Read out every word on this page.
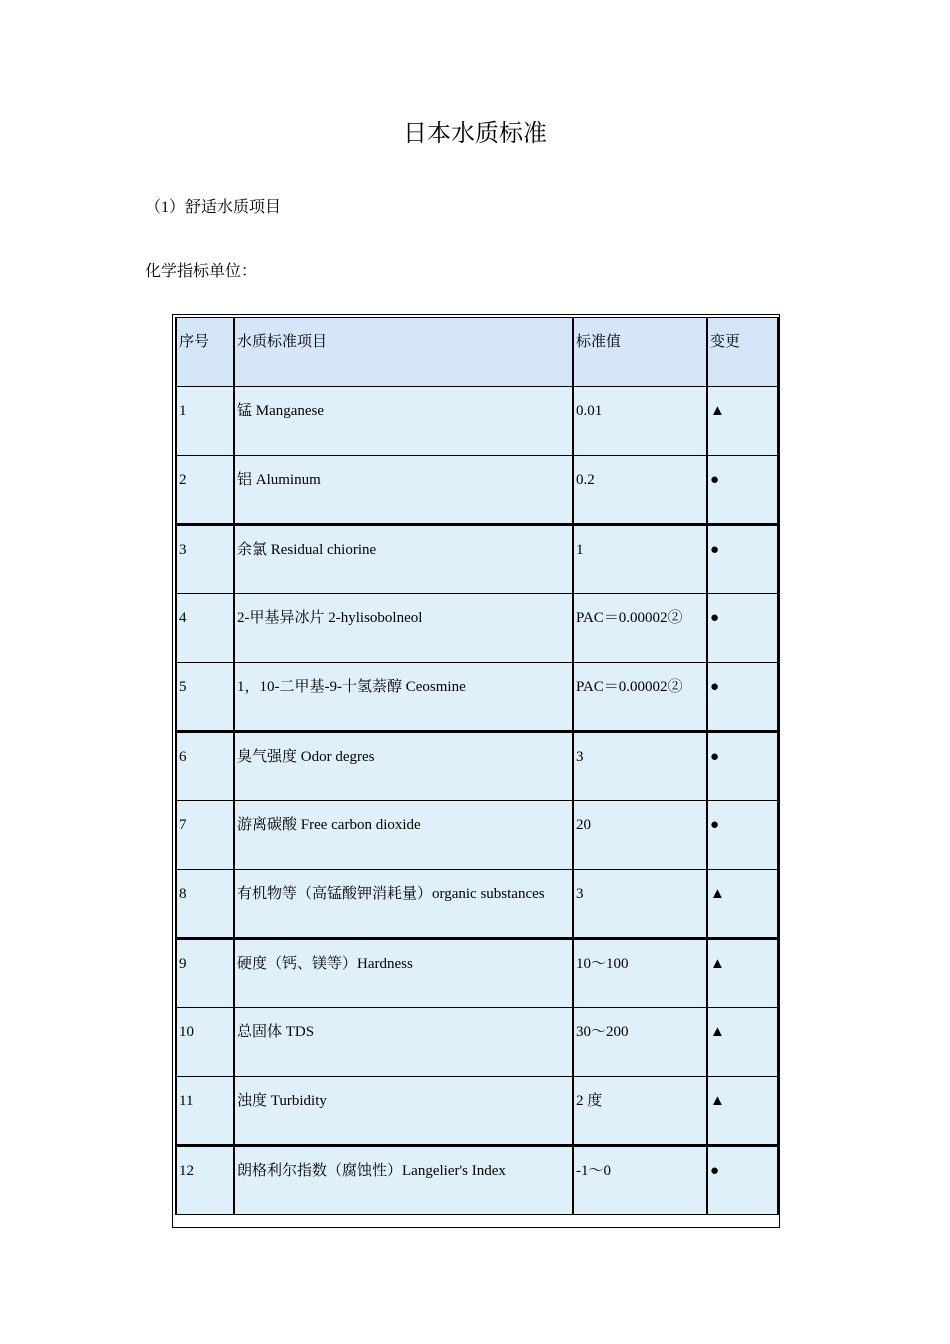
日本水质标准
（1）舒适水质项目
化学指标单位：
序号	水质标准项目	标准值	变更
1	锰 Manganese	0.01	▲
2	铝 Aluminum	0.2	●
3	余氯 Residual chiorine	1	●
4	2-甲基异冰片 2-hylisobolneol	PAC＝0.00002②	●
5	1，10-二甲基-9-十氢萘醇 Ceosmine	PAC＝0.00002②	●
6	臭气强度 Odor degres	3	●
7	游离碳酸 Free carbon dioxide	20	●
8	有机物等（高锰酸钾消耗量）organic substances	3	▲
9	硬度（钙、镁等）Hardness	10～100	▲
10	总固体 TDS	30～200	▲
11	浊度 Turbidity	2 度	▲
12	朗格利尔指数（腐蚀性）Langelier's Index	-1～0	●
